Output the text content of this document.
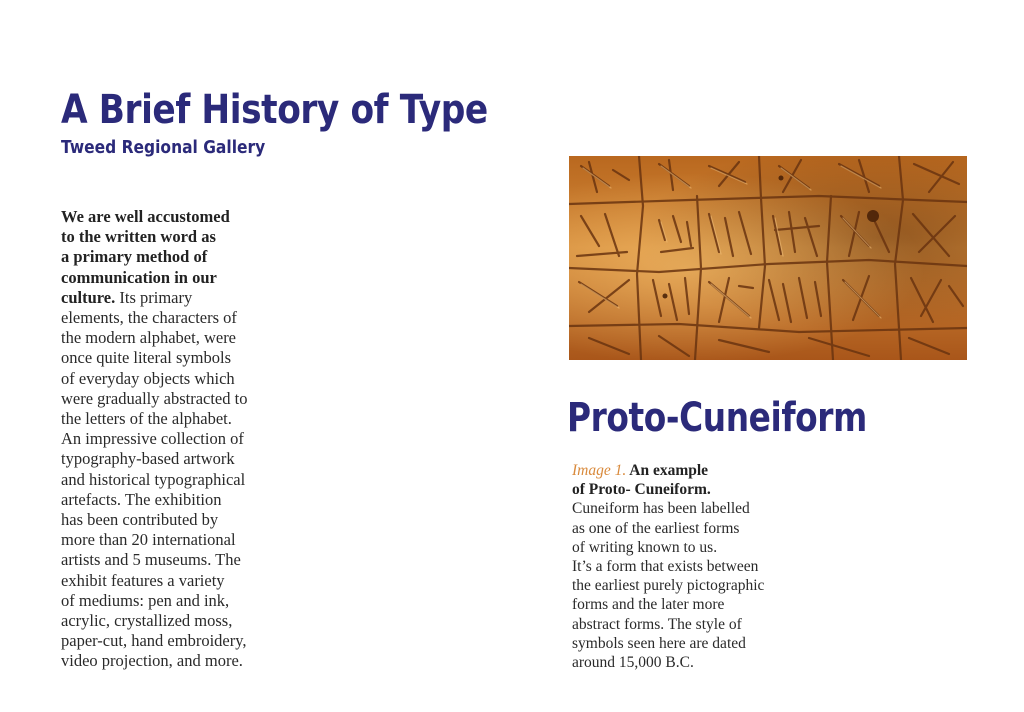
A Brief History of Type
Tweed Regional Gallery
We are well accustomed
to the written word as
a primary method of
communication in our
culture. Its primary
elements, the characters of
the modern alphabet, were
once quite literal symbols
of everyday objects which
were gradually abstracted to
the letters of the alphabet.
An impressive collection of
typography-based artwork
and historical typographical
artefacts. The exhibition
has been contributed by
more than 20 international
artists and 5 museums. The
exhibit features a variety
of mediums: pen and ink,
acrylic, crystallized moss,
paper-cut, hand embroidery,
video projection, and more.
Proto-Cuneiform
Image 1. An example
of Proto- Cuneiform.
Cuneiform has been labelled
as one of the earliest forms
of writing known to us.
It’s a form that exists between
the earliest purely pictographic
forms and the later more
abstract forms. The style of
symbols seen here are dated
around 15,000 B.C.
